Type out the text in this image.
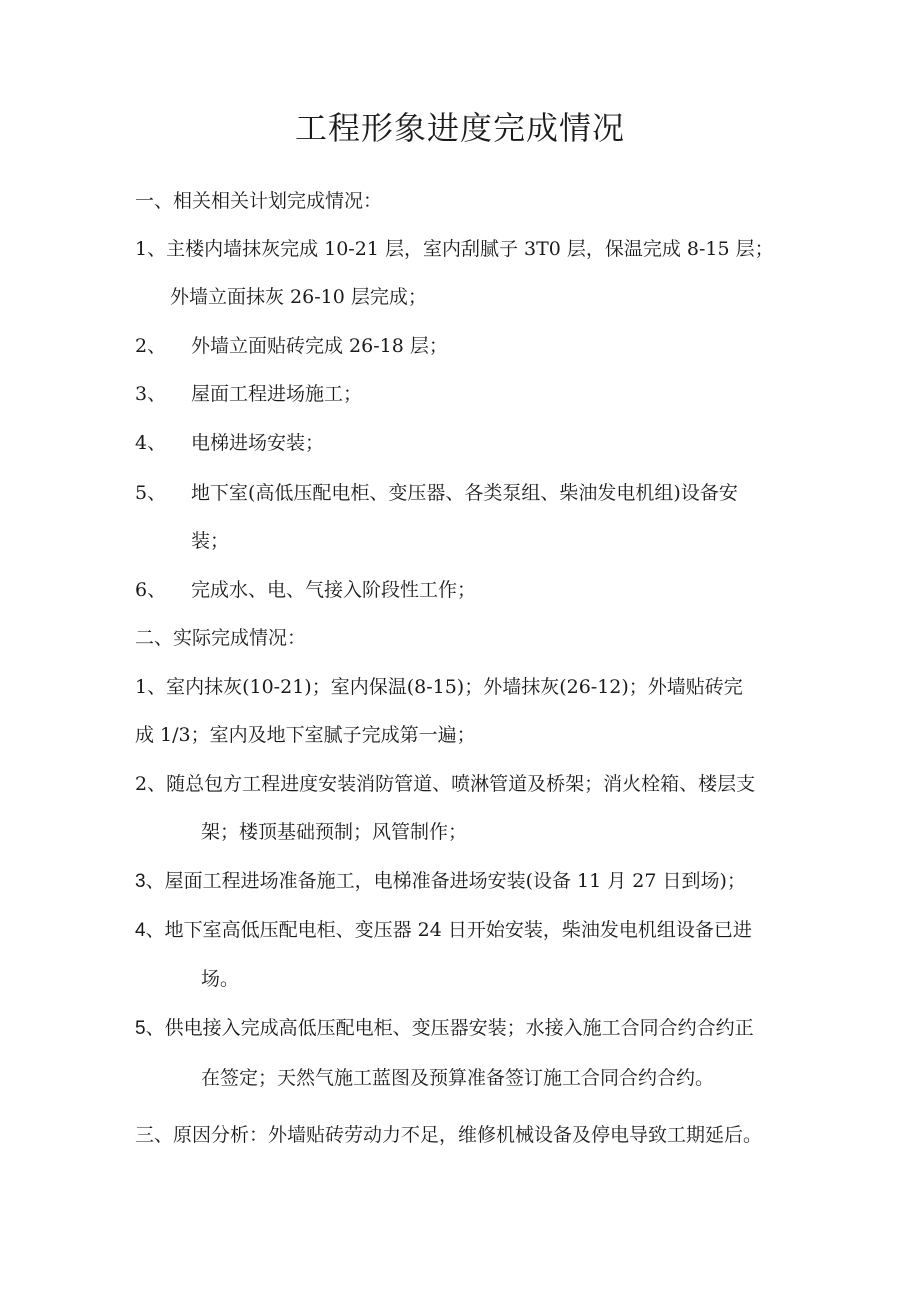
工程形象进度完成情况
一、相关相关计划完成情况：
1、主楼内墙抹灰完成 10-21 层，室内刮腻子 3T0 层，保温完成 8-15 层；
外墙立面抹灰 26-10 层完成；
2、 外墙立面贴砖完成 26-18 层；
3、 屋面工程进场施工；
4、 电梯进场安装；
5、 地下室(高低压配电柜、变压器、各类泵组、柴油发电机组)设备安
装；
6、 完成水、电、气接入阶段性工作；
二、实际完成情况：
1、室内抹灰(10-21)；室内保温(8-15)；外墙抹灰(26-12)；外墙贴砖完
成 1/3；室内及地下室腻子完成第一遍；
2、随总包方工程进度安装消防管道、喷淋管道及桥架；消火栓箱、楼层支
架；楼顶基础预制；风管制作；
3、屋面工程进场准备施工，电梯准备进场安装(设备 11 月 27 日到场)；
4、地下室高低压配电柜、变压器 24 日开始安装，柴油发电机组设备已进
场。
5、供电接入完成高低压配电柜、变压器安装；水接入施工合同合约合约正
在签定；天然气施工蓝图及预算准备签订施工合同合约合约。
三、原因分析：外墙贴砖劳动力不足，维修机械设备及停电导致工期延后。
